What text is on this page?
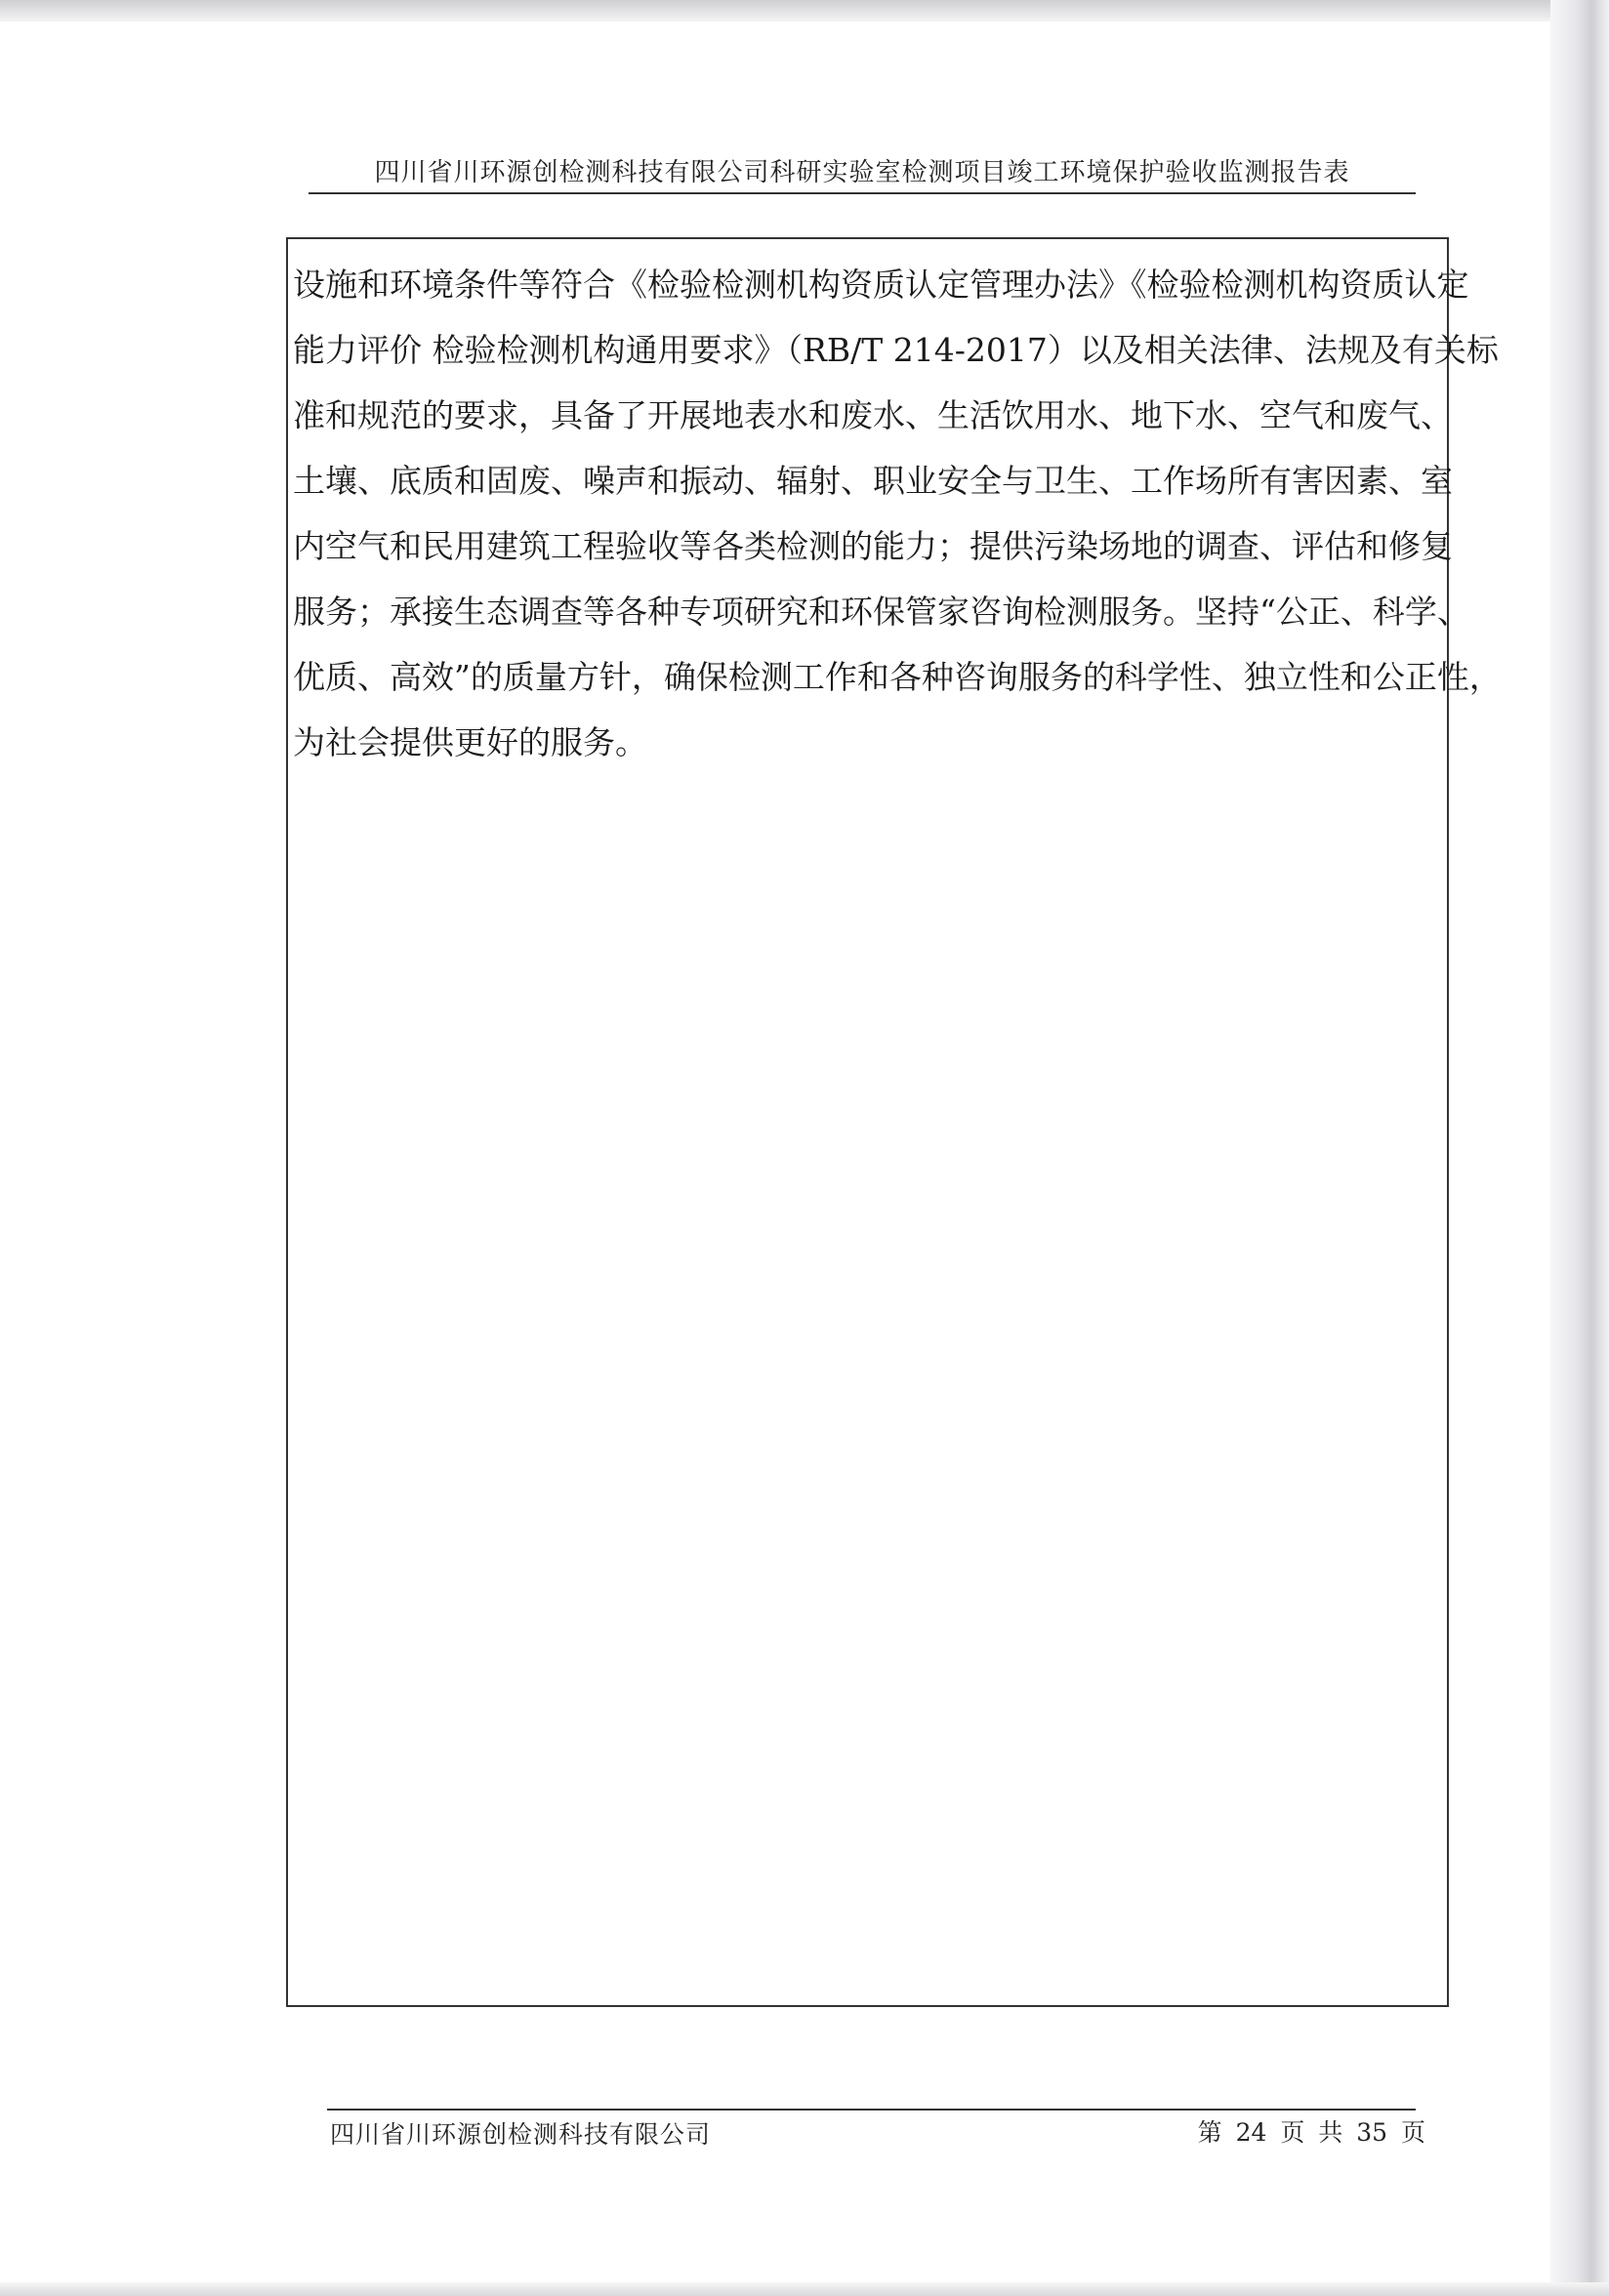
四川省川环源创检测科技有限公司科研实验室检测项目竣工环境保护验收监测报告表
设施和环境条件等符合《检验检测机构资质认定管理办法》《检验检测机构资质认定
能力评价 检验检测机构通用要求》（RB/T 214-2017）以及相关法律、法规及有关标
准和规范的要求，具备了开展地表水和废水、生活饮用水、地下水、空气和废气、
土壤、底质和固废、噪声和振动、辐射、职业安全与卫生、工作场所有害因素、室
内空气和民用建筑工程验收等各类检测的能力；提供污染场地的调查、评估和修复
服务；承接生态调查等各种专项研究和环保管家咨询检测服务。坚持“公正、科学、
优质、高效”的质量方针，确保检测工作和各种咨询服务的科学性、独立性和公正性，
为社会提供更好的服务。
四川省川环源创检测科技有限公司	第 24 页 共 35 页
